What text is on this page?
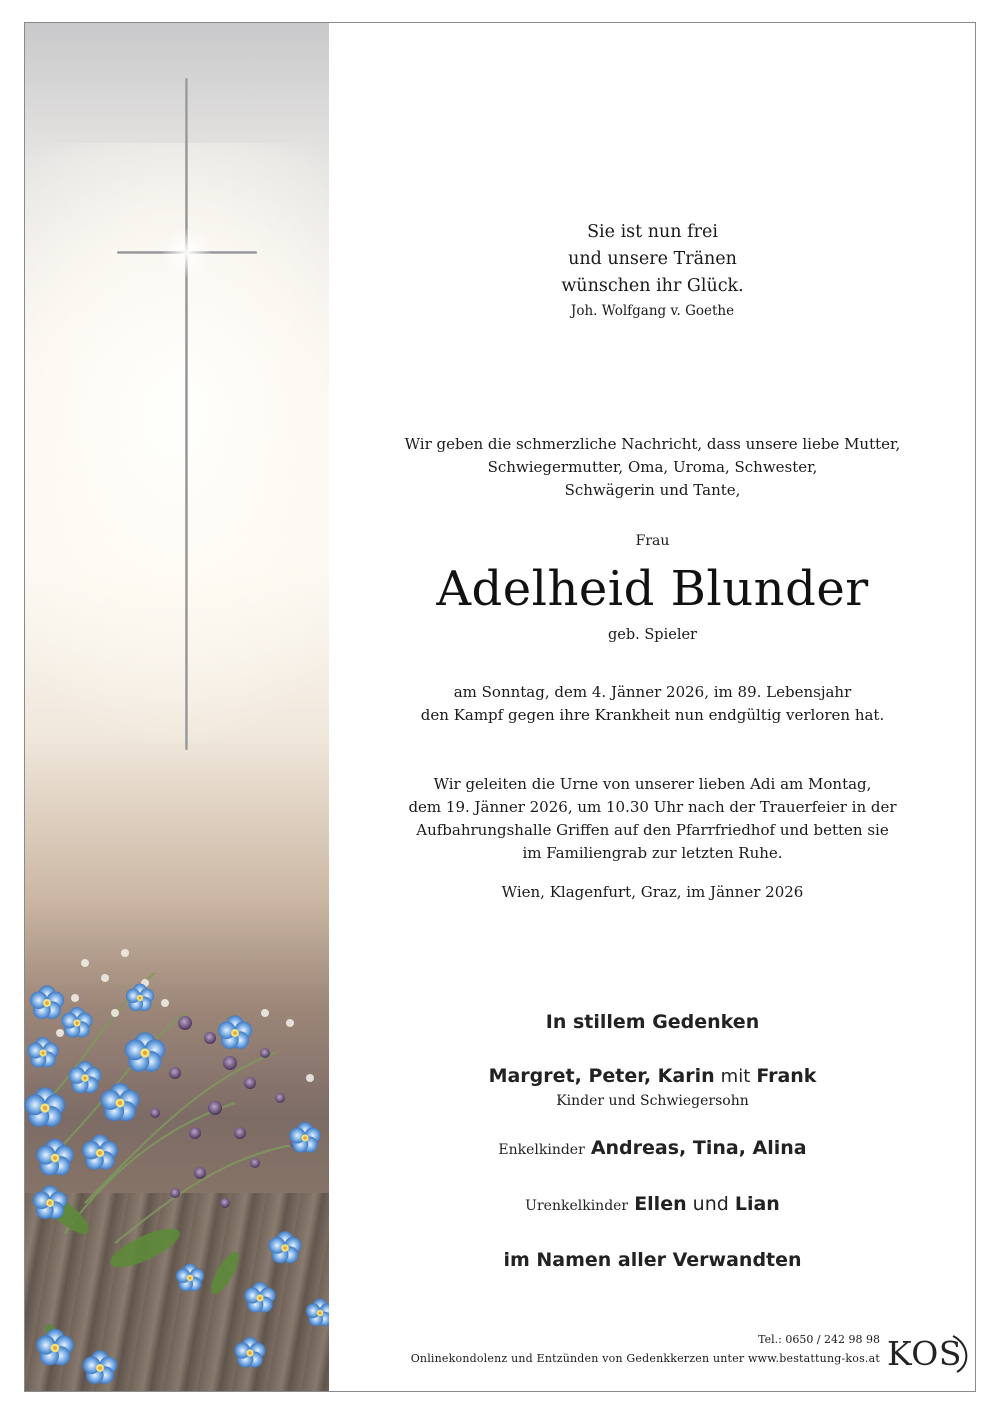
Sie ist nun frei
und unsere Tränen
wünschen ihr Glück.
Joh. Wolfgang v. Goethe
Wir geben die schmerzliche Nachricht, dass unsere liebe Mutter,
Schwiegermutter, Oma, Uroma, Schwester,
Schwägerin und Tante,
Frau
Adelheid Blunder
geb. Spieler
am Sonntag, dem 4. Jänner 2026, im 89. Lebensjahr
den Kampf gegen ihre Krankheit nun endgültig verloren hat.
Wir geleiten die Urne von unserer lieben Adi am Montag,
dem 19. Jänner 2026, um 10.30 Uhr nach der Trauerfeier in der
Aufbahrungshalle Griffen auf den Pfarrfriedhof und betten sie
im Familiengrab zur letzten Ruhe.
Wien, Klagenfurt, Graz, im Jänner 2026
In stillem Gedenken
Margret, Peter, Karin mit Frank
Kinder und Schwiegersohn
Enkelkinder Andreas, Tina, Alina
Urenkelkinder Ellen und Lian
im Namen aller Verwandten
Tel.: 0650 / 242 98 98
Onlinekondolenz und Entzünden von Gedenkkerzen unter www.bestattung-kos.at KOS
